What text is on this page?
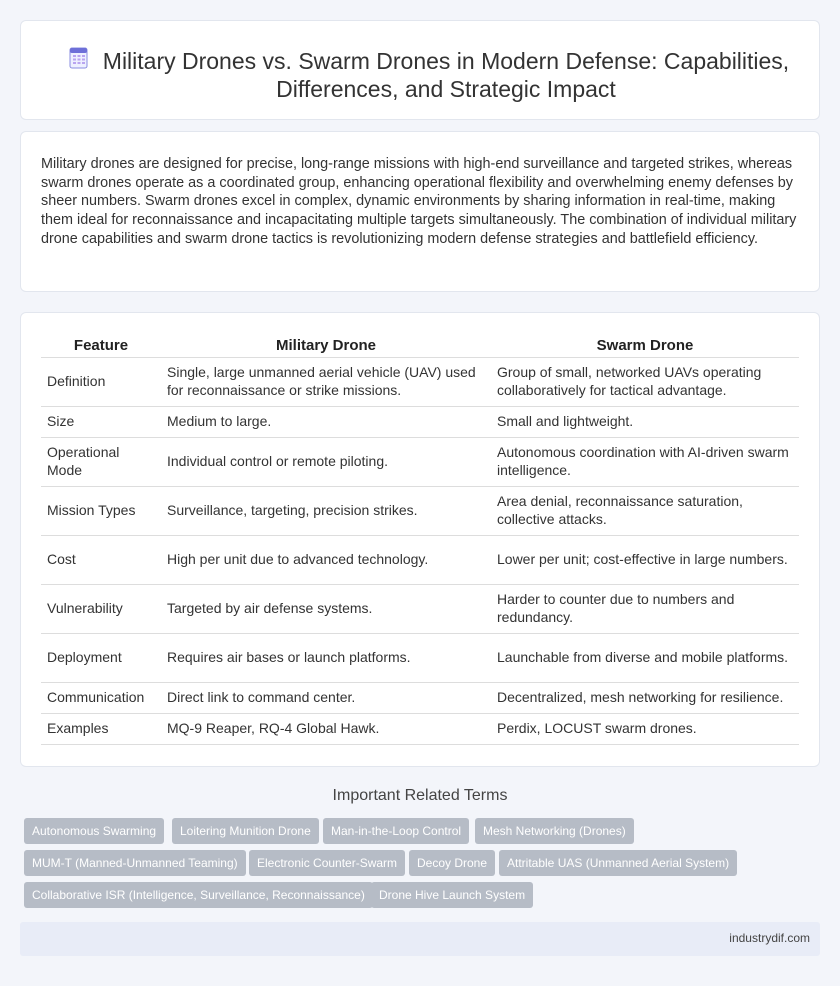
Military Drones vs. Swarm Drones in Modern Defense: Capabilities, Differences, and Strategic Impact

Military drones are designed for precise, long-range missions with high-end surveillance and targeted strikes, whereas swarm drones operate as a coordinated group, enhancing operational flexibility and overwhelming enemy defenses by sheer numbers. Swarm drones excel in complex, dynamic environments by sharing information in real-time, making them ideal for reconnaissance and incapacitating multiple targets simultaneously. The combination of individual military drone capabilities and swarm drone tactics is revolutionizing modern defense strategies and battlefield efficiency.

Feature	Military Drone	Swarm Drone
Definition	Single, large unmanned aerial vehicle (UAV) used for reconnaissance or strike missions.	Group of small, networked UAVs operating collaboratively for tactical advantage.
Size	Medium to large.	Small and lightweight.
Operational Mode	Individual control or remote piloting.	Autonomous coordination with AI-driven swarm intelligence.
Mission Types	Surveillance, targeting, precision strikes.	Area denial, reconnaissance saturation, collective attacks.
Cost	High per unit due to advanced technology.	Lower per unit; cost-effective in large numbers.
Vulnerability	Targeted by air defense systems.	Harder to counter due to numbers and redundancy.
Deployment	Requires air bases or launch platforms.	Launchable from diverse and mobile platforms.
Communication	Direct link to command center.	Decentralized, mesh networking for resilience.
Examples	MQ-9 Reaper, RQ-4 Global Hawk.	Perdix, LOCUST swarm drones.
Important Related Terms
Autonomous Swarming	Loitering Munition Drone	Man-in-the-Loop Control	Mesh Networking (Drones)
MUM-T (Manned-Unmanned Teaming)	Electronic Counter-Swarm	Decoy Drone	Attritable UAS (Unmanned Aerial System)
Collaborative ISR (Intelligence, Surveillance, Reconnaissance)	Drone Hive Launch System
industrydif.com
